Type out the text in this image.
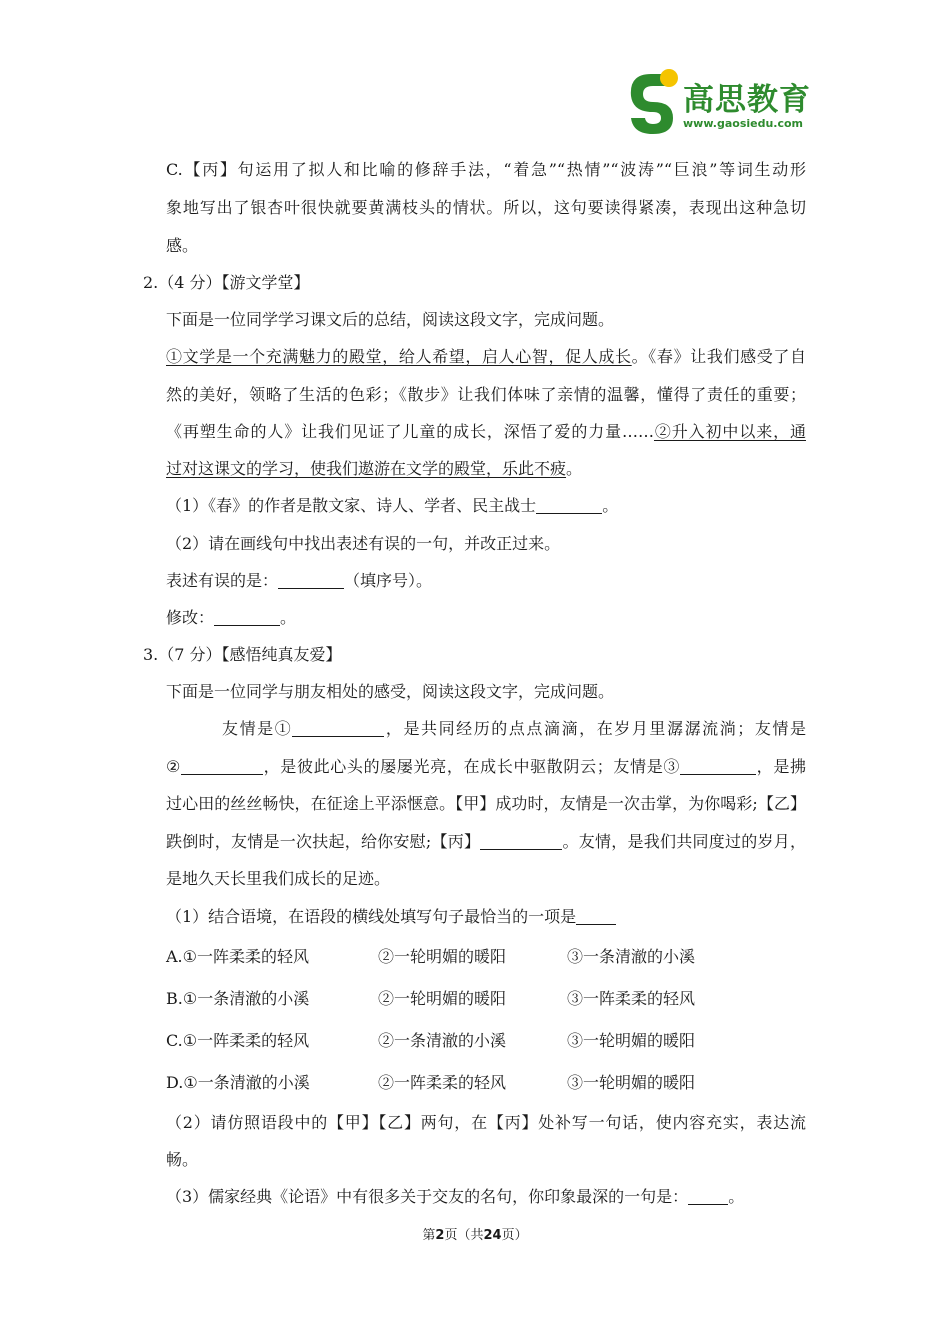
高思教育
www.gaosiedu.com
C.【丙】句运用了拟人和比喻的修辞手法，“着急”“热情”“波涛”“巨浪”等词生动形
象地写出了银杏叶很快就要黄满枝头的情状。所以，这句要读得紧凑，表现出这种急切
感。
2.（4 分）【游文学堂】
下面是一位同学学习课文后的总结，阅读这段文字，完成问题。
①文学是一个充满魅力的殿堂，给人希望，启人心智，促人成长。《春》让我们感受了自
然的美好，领略了生活的色彩；《散步》让我们体味了亲情的温馨，懂得了责任的重要；
《再塑生命的人》让我们见证了儿童的成长，深悟了爱的力量……②升入初中以来，通
过对这课文的学习，使我们遨游在文学的殿堂，乐此不疲。
（1）《春》的作者是散文家、诗人、学者、民主战士	。
（2）请在画线句中找出表述有误的一句，并改正过来。
表述有误的是：	（填序号）。
修改：	。
3.（7 分）【感悟纯真友爱】
下面是一位同学与朋友相处的感受，阅读这段文字，完成问题。
友情是①	，是共同经历的点点滴滴，在岁月里潺潺流淌；友情是
②	，是彼此心头的屡屡光亮，在成长中驱散阴云；友情是③	，是拂
过心田的丝丝畅快，在征途上平添惬意。【甲】成功时，友情是一次击掌，为你喝彩;【乙】
跌倒时，友情是一次扶起，给你安慰;【丙】	。友情，是我们共同度过的岁月，
是地久天长里我们成长的足迹。
（1）结合语境，在语段的横线处填写句子最恰当的一项是
A.①一阵柔柔的轻风	②一轮明媚的暖阳	③一条清澈的小溪
B.①一条清澈的小溪	②一轮明媚的暖阳	③一阵柔柔的轻风
C.①一阵柔柔的轻风	②一条清澈的小溪	③一轮明媚的暖阳
D.①一条清澈的小溪	②一阵柔柔的轻风	③一轮明媚的暖阳
（2）请仿照语段中的【甲】【乙】两句，在【丙】处补写一句话，使内容充实，表达流
畅。
（3）儒家经典《论语》中有很多关于交友的名句，你印象最深的一句是：	。
第2页（共24页）
